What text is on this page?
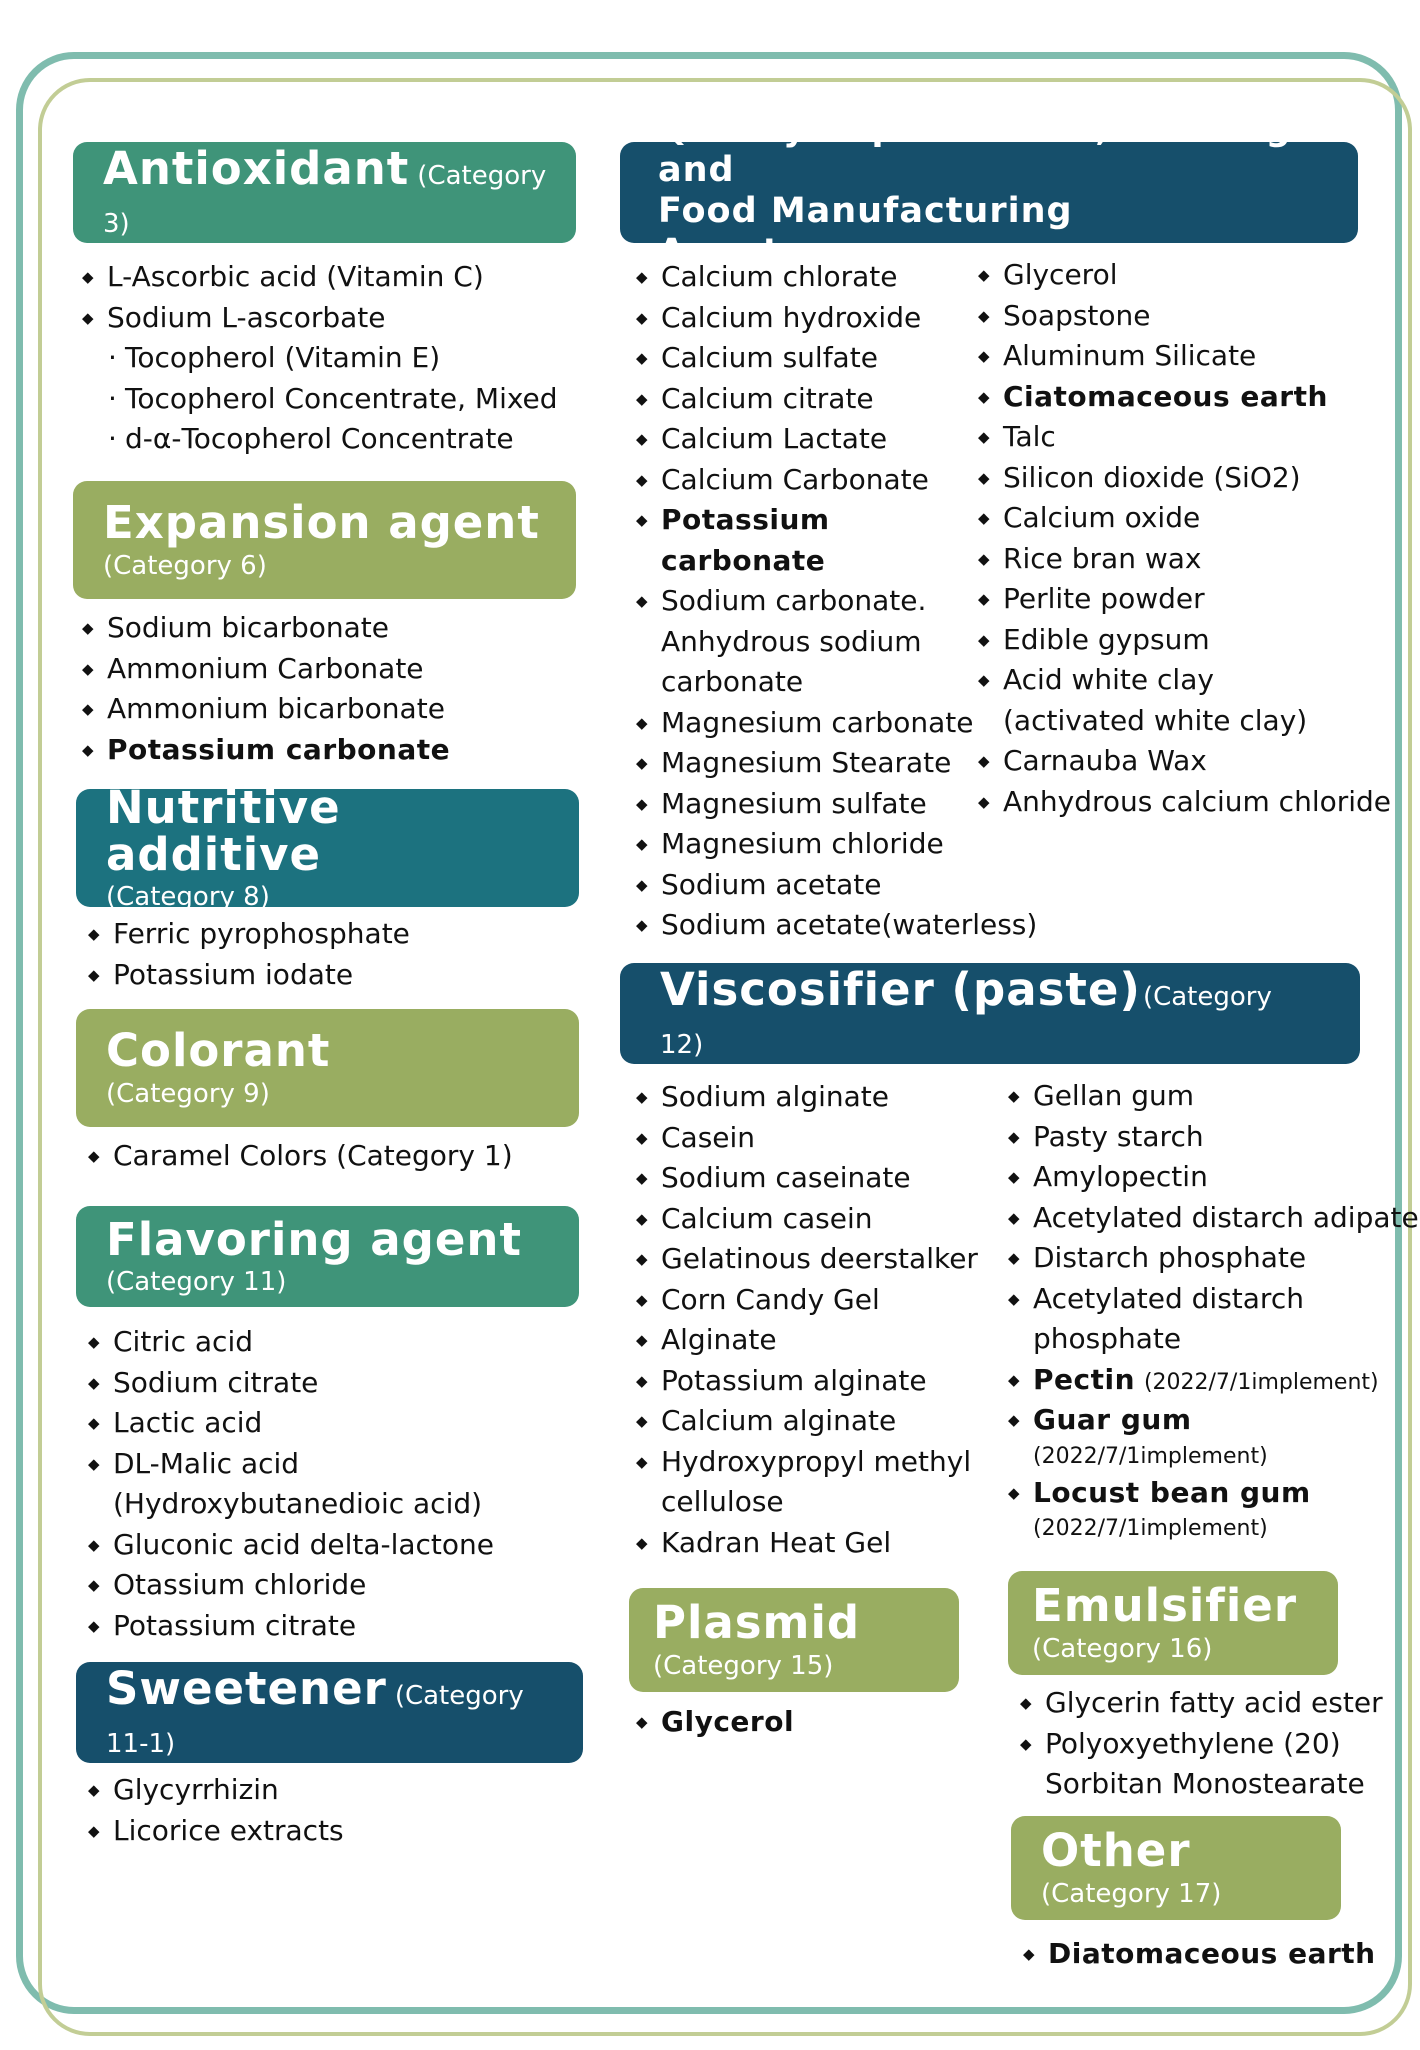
Antioxidant (Category 3)
◆ L-Ascorbic acid (Vitamin C)
◆ Sodium L-ascorbate
· Tocopherol (Vitamin E)
· Tocopherol Concentrate, Mixed
· d-α-Tocopherol Concentrate
Expansion agent
(Category 6)
◆ Sodium bicarbonate
◆ Ammonium Carbonate
◆ Ammonium bicarbonate
◆ Potassium carbonate
Nutritive additive
(Category 8)
◆ Ferric pyrophosphate
◆ Potassium iodate
Colorant
(Category 9)
◆ Caramel Colors (Category 1)
Flavoring agent
(Category 11)
◆ Citric acid
◆ Sodium citrate
◆ Lactic acid
◆ DL-Malic acid
(Hydroxybutanedioic acid)
◆ Gluconic acid delta-lactone
◆ Otassium chloride
◆ Potassium citrate
Sweetener (Category 11-1)
◆ Glycyrrhizin
◆ Licorice extracts
Quality Improvement, Brewing and
Food Manufacturing Agents (Category 7)
◆ Calcium chlorate
◆ Calcium hydroxide
◆ Calcium sulfate
◆ Calcium citrate
◆ Calcium Lactate
◆ Calcium Carbonate
◆ Potassium
carbonate
◆ Sodium carbonate.
Anhydrous sodium
carbonate
◆ Magnesium carbonate
◆ Magnesium Stearate
◆ Magnesium sulfate
◆ Magnesium chloride
◆ Sodium acetate
◆ Sodium acetate(waterless)
◆ Glycerol
◆ Soapstone
◆ Aluminum Silicate
◆ Ciatomaceous earth
◆ Talc
◆ Silicon dioxide (SiO2)
◆ Calcium oxide
◆ Rice bran wax
◆ Perlite powder
◆ Edible gypsum
◆ Acid white clay
(activated white clay)
◆ Carnauba Wax
◆ Anhydrous calcium chloride
Viscosifier (paste)(Category 12)
◆ Sodium alginate
◆ Casein
◆ Sodium caseinate
◆ Calcium casein
◆ Gelatinous deerstalker
◆ Corn Candy Gel
◆ Alginate
◆ Potassium alginate
◆ Calcium alginate
◆ Hydroxypropyl methyl
cellulose
◆ Kadran Heat Gel
◆ Gellan gum
◆ Pasty starch
◆ Amylopectin
◆ Acetylated distarch adipate
◆ Distarch phosphate
◆ Acetylated distarch
phosphate
◆ Pectin (2022/7/1implement)
◆ Guar gum
(2022/7/1implement)
◆ Locust bean gum
(2022/7/1implement)
Plasmid
(Category 15)
◆ Glycerol
Emulsifier
(Category 16)
◆ Glycerin fatty acid ester
◆ Polyoxyethylene (20)
Sorbitan Monostearate
Other
(Category 17)
◆ Diatomaceous earth
